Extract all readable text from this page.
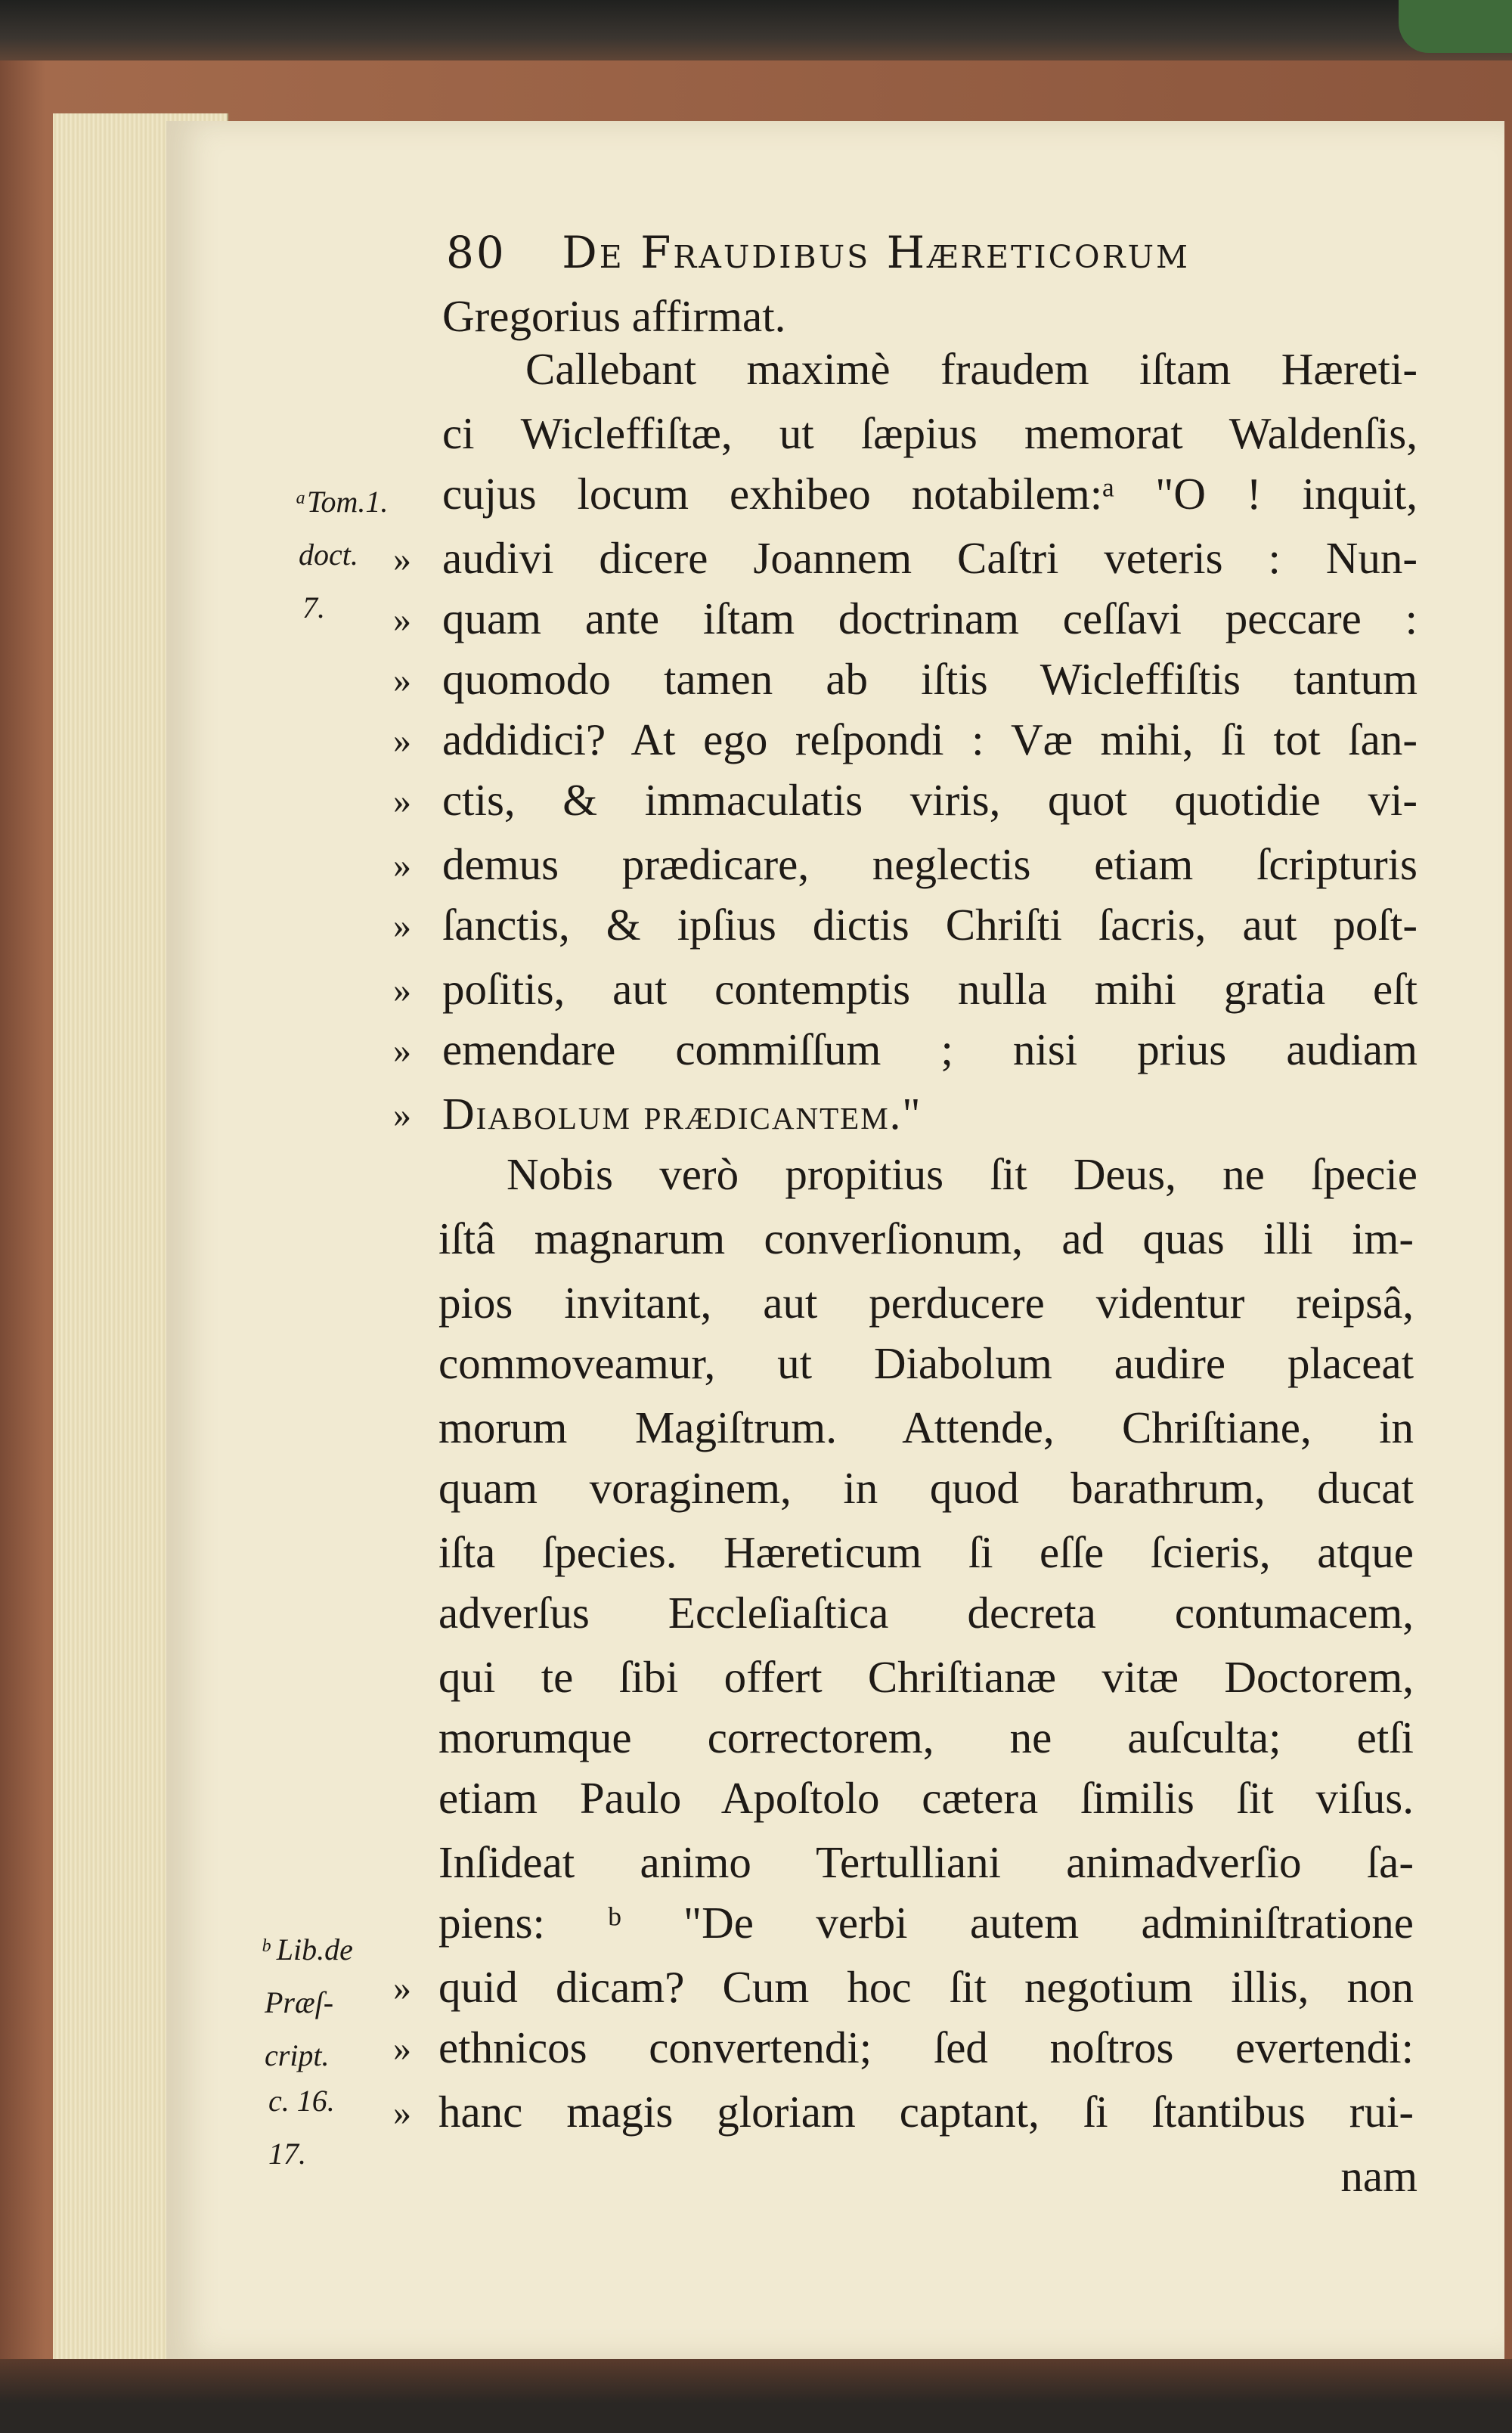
80 De Fraudibus Hæreticorum
Gregorius affirmat.
Callebant maximè fraudem iſtam Hæreti-
ci Wicleffiſtæ, ut ſæpius memorat Waldenſis,
cujus locum exhibeo notabilem:ᵃ "O ! inquit,
audivi dicere Joannem Caſtri veteris : Nun-
quam ante iſtam doctrinam ceſſavi peccare :
quomodo tamen ab iſtis Wicleffiſtis tantum
addidici? At ego reſpondi : Væ mihi, ſi tot ſan-
ctis, & immaculatis viris, quot quotidie vi-
demus prædicare, neglectis etiam ſcripturis
ſanctis, & ipſius dictis Chriſti ſacris, aut poſt-
poſitis, aut contemptis nulla mihi gratia eſt
emendare commiſſum ; nisi prius audiam
Diabolum prædicantem."
Nobis verò propitius ſit Deus, ne ſpecie
iſtâ magnarum converſionum, ad quas illi im-
pios invitant, aut perducere videntur reipsâ,
commoveamur, ut Diabolum audire placeat
morum Magiſtrum. Attende, Chriſtiane, in
quam voraginem, in quod barathrum, ducat
iſta ſpecies. Hæreticum ſi eſſe ſcieris, atque
adverſus Eccleſiaſtica decreta contumacem,
qui te ſibi offert Chriſtianæ vitæ Doctorem,
morumque correctorem, ne auſculta; etſi
etiam Paulo Apoſtolo cætera ſimilis ſit viſus.
Inſideat animo Tertulliani animadverſio ſa-
piens: ᵇ "De verbi autem adminiſtratione
quid dicam? Cum hoc ſit negotium illis, non
ethnicos convertendi; ſed noſtros evertendi:
hanc magis gloriam captant, ſi ſtantibus rui-
nam
»
»
»
»
»
»
»
»
»
»
»
»
»
ᵃTom.1.
doct.
7.
ᵇ Lib.de
Præſ-
cript.
c. 16.
17.
